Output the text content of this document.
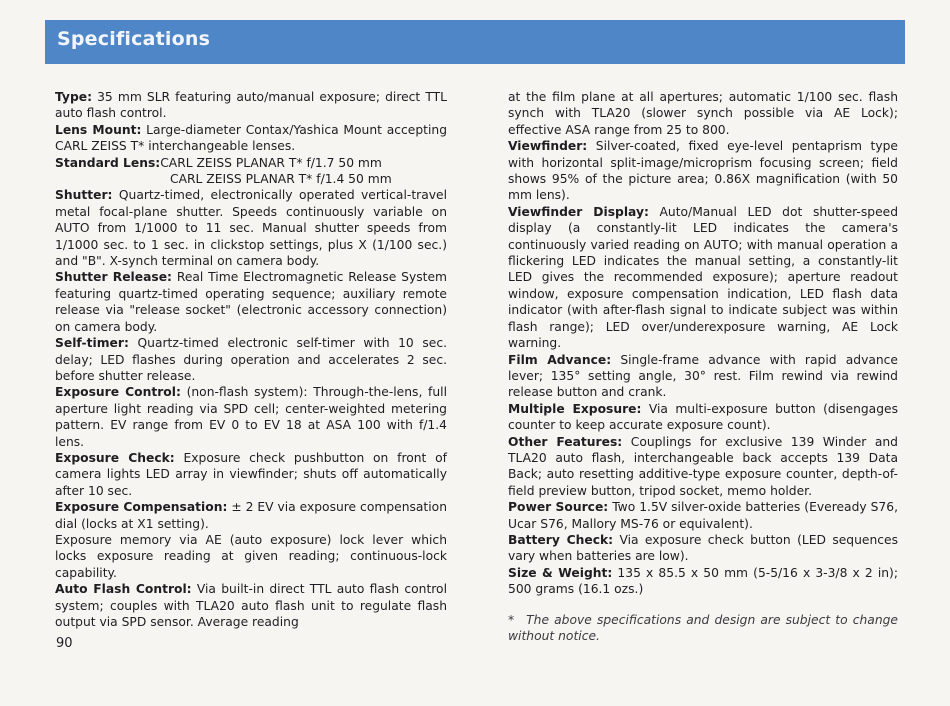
Specifications

Type: 35 mm SLR featuring auto/manual exposure; direct TTL auto flash control.

Lens Mount: Large-diameter Contax/Yashica Mount accepting CARL ZEISS T* interchangeable lenses.

Standard Lens:CARL ZEISS PLANAR T* f/1.7 50 mm

CARL ZEISS PLANAR T* f/1.4 50 mm

Shutter: Quartz-timed, electronically operated vertical-travel metal focal-plane shutter. Speeds continuously variable on AUTO from 1/1000 to 11 sec. Manual shutter speeds from 1/1000 sec. to 1 sec. in clickstop settings, plus X (1/100 sec.) and "B". X-synch terminal on camera body.

Shutter Release: Real Time Electromagnetic Release System featuring quartz-timed operating sequence; auxiliary remote release via "release socket" (electronic accessory connection) on camera body.

Self-timer: Quartz-timed electronic self-timer with 10 sec. delay; LED flashes during operation and accelerates 2 sec. before shutter release.

Exposure Control: (non-flash system): Through-the-lens, full aperture light reading via SPD cell; center-weighted metering pattern. EV range from EV 0 to EV 18 at ASA 100 with f/1.4 lens.

Exposure Check: Exposure check pushbutton on front of camera lights LED array in viewfinder; shuts off automatically after 10 sec.

Exposure Compensation: ± 2 EV via exposure compensation dial (locks at X1 setting).

Exposure memory via AE (auto exposure) lock lever which locks exposure reading at given reading; continuous-lock capability.

Auto Flash Control: Via built-in direct TTL auto flash control system; couples with TLA20 auto flash unit to regulate flash output via SPD sensor. Average reading

90

at the film plane at all apertures; automatic 1/100 sec. flash synch with TLA20 (slower synch possible via AE Lock); effective ASA range from 25 to 800.

Viewfinder: Silver-coated, fixed eye-level pentaprism type with horizontal split-image/microprism focusing screen; field shows 95% of the picture area; 0.86X magnification (with 50 mm lens).

Viewfinder Display: Auto/Manual LED dot shutter-speed display (a constantly-lit LED indicates the camera's continuously varied reading on AUTO; with manual operation a flickering LED indicates the manual setting, a constantly-lit LED gives the recommended exposure); aperture readout window, exposure compensation indication, LED flash data indicator (with after-flash signal to indicate subject was within flash range); LED over/underexposure warning, AE Lock warning.

Film Advance: Single-frame advance with rapid advance lever; 135° setting angle, 30° rest. Film rewind via rewind release button and crank.

Multiple Exposure: Via multi-exposure button (disengages counter to keep accurate exposure count).

Other Features: Couplings for exclusive 139 Winder and TLA20 auto flash, interchangeable back accepts 139 Data Back; auto resetting additive-type exposure counter, depth-of-field preview button, tripod socket, memo holder.

Power Source: Two 1.5V silver-oxide batteries (Eveready S76, Ucar S76, Mallory MS-76 or equivalent).

Battery Check: Via exposure check button (LED sequences vary when batteries are low).

Size & Weight: 135 x 85.5 x 50 mm (5-5/16 x 3-3/8 x 2 in); 500 grams (16.1 ozs.)

* The above specifications and design are subject to change without notice.
